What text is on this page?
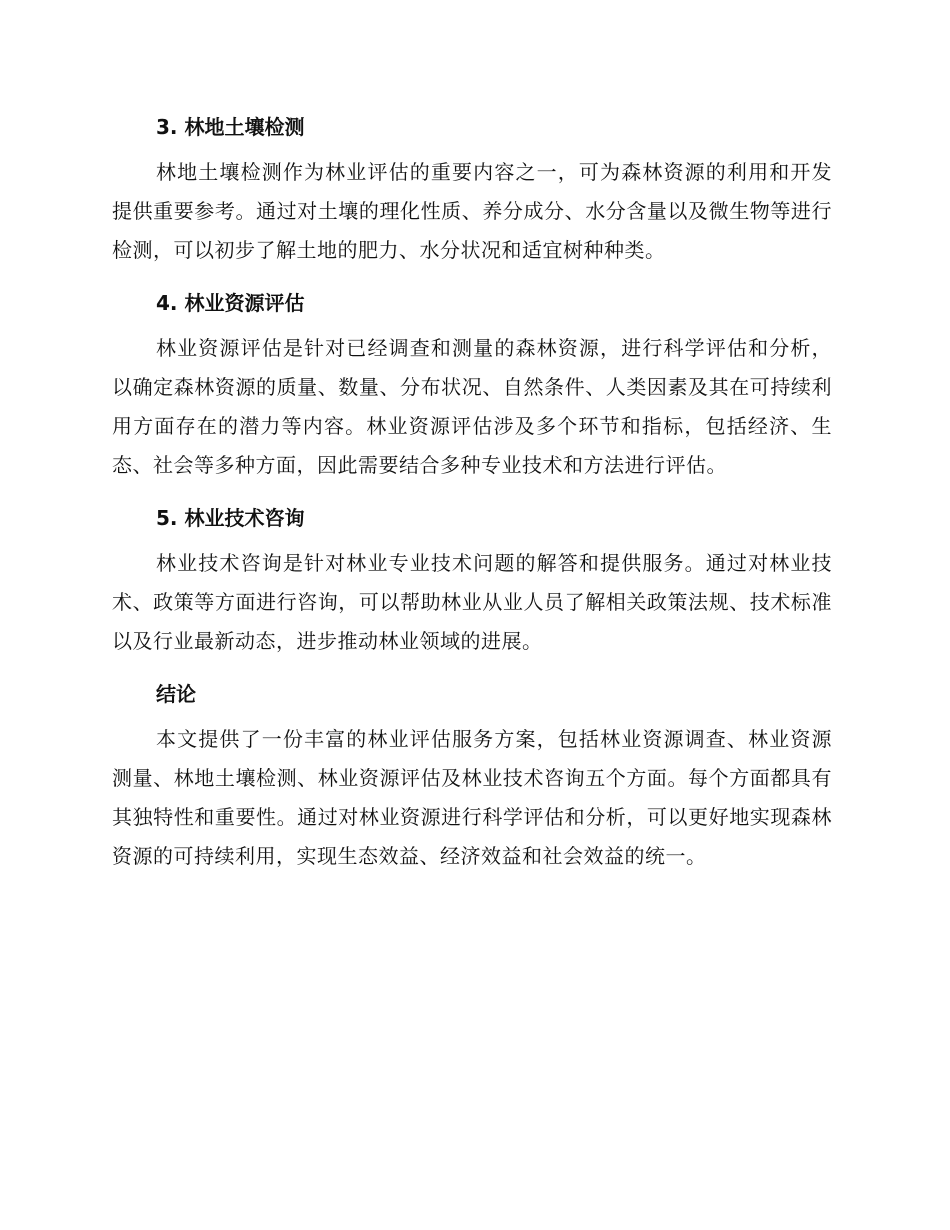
3. 林地土壤检测

林地土壤检测作为林业评估的重要内容之一，可为森林资源的利用和开发提供重要参考。通过对土壤的理化性质、养分成分、水分含量以及微生物等进行检测，可以初步了解土地的肥力、水分状况和适宜树种种类。

4. 林业资源评估

林业资源评估是针对已经调查和测量的森林资源，进行科学评估和分析，以确定森林资源的质量、数量、分布状况、自然条件、人类因素及其在可持续利用方面存在的潜力等内容。林业资源评估涉及多个环节和指标，包括经济、生态、社会等多种方面，因此需要结合多种专业技术和方法进行评估。

5. 林业技术咨询

林业技术咨询是针对林业专业技术问题的解答和提供服务。通过对林业技术、政策等方面进行咨询，可以帮助林业从业人员了解相关政策法规、技术标准以及行业最新动态，进步推动林业领域的进展。

结论

本文提供了一份丰富的林业评估服务方案，包括林业资源调查、林业资源测量、林地土壤检测、林业资源评估及林业技术咨询五个方面。每个方面都具有其独特性和重要性。通过对林业资源进行科学评估和分析，可以更好地实现森林资源的可持续利用，实现生态效益、经济效益和社会效益的统一。
